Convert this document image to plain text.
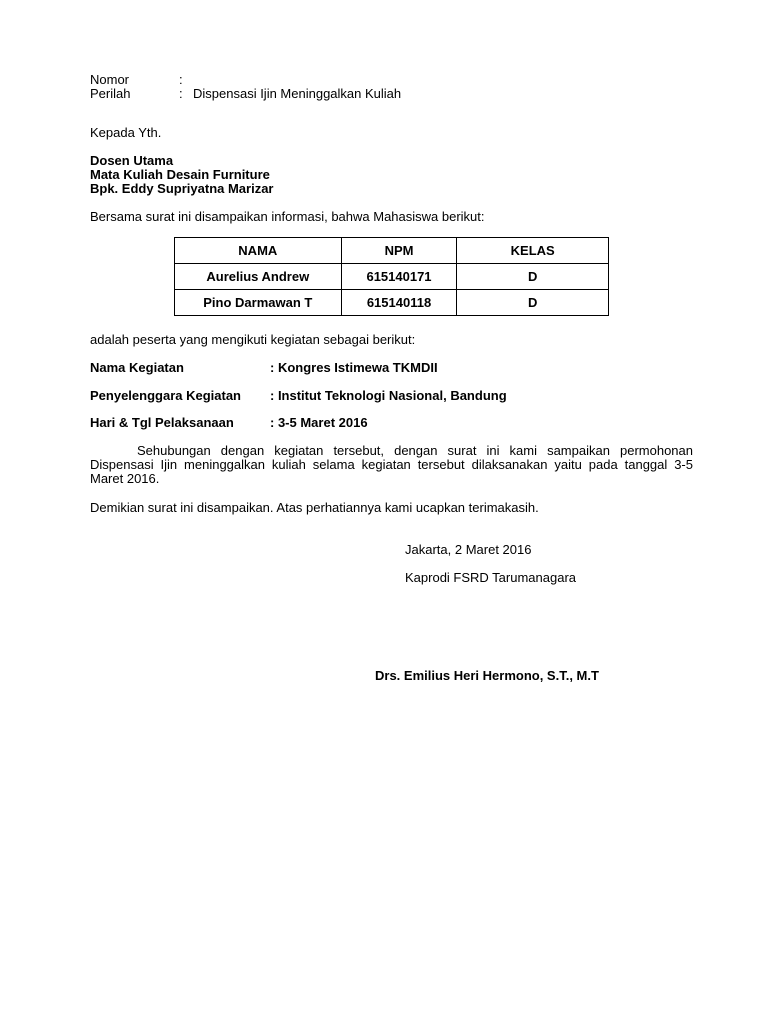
Nomor	:
Perilah	: Dispensasi Ijin Meninggalkan Kuliah
Kepada Yth.
Dosen Utama
Mata Kuliah Desain Furniture
Bpk. Eddy Supriyatna Marizar
Bersama surat ini disampaikan informasi, bahwa Mahasiswa berikut:
NAMA	NPM	KELAS
Aurelius Andrew	615140171	D
Pino Darmawan T	615140118	D
adalah peserta yang mengikuti kegiatan sebagai berikut:
Nama Kegiatan	: Kongres Istimewa TKMDII
Penyelenggara Kegiatan : Institut Teknologi Nasional, Bandung
Hari & Tgl Pelaksanaan	: 3-5 Maret 2016
Sehubungan dengan kegiatan tersebut, dengan surat ini kami sampaikan permohonan Dispensasi Ijin meninggalkan kuliah selama kegiatan tersebut dilaksanakan yaitu pada tanggal 3-5 Maret 2016.
Demikian surat ini disampaikan. Atas perhatiannya kami ucapkan terimakasih.
Jakarta, 2 Maret 2016
Kaprodi FSRD Tarumanagara
Drs. Emilius Heri Hermono, S.T., M.T
